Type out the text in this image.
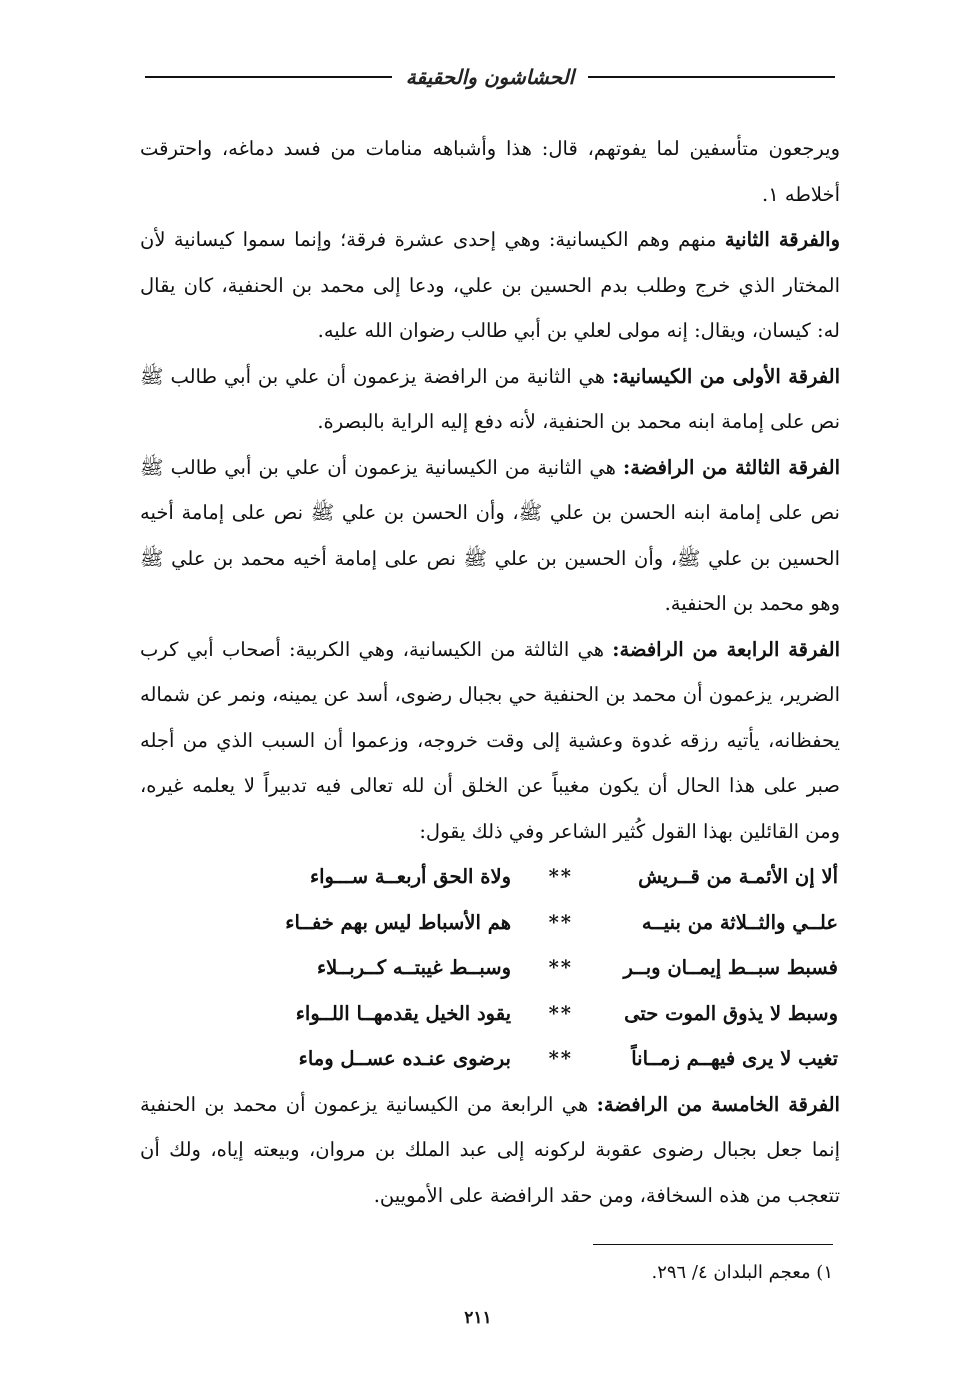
الحشاشون والحقيقة

ويرجعون متأسفين لما يفوتهم، قال: هذا وأشباهه منامات من فسد دماغه، واحترقت أخلاطه ١.

والفرقة الثانية منهم وهم الكيسانية: وهي إحدى عشرة فرقة؛ وإنما سموا كيسانية لأن المختار الذي خرج وطلب بدم الحسين بن علي، ودعا إلى محمد بن الحنفية، كان يقال له: كيسان، ويقال: إنه مولى لعلي بن أبي طالب رضوان الله عليه.

الفرقة الأولى من الكيسانية: هي الثانية من الرافضة يزعمون أن علي بن أبي طالب ﷺ نص على إمامة ابنه محمد بن الحنفية، لأنه دفع إليه الراية بالبصرة.

الفرقة الثالثة من الرافضة: هي الثانية من الكيسانية يزعمون أن علي بن أبي طالب ﷺ نص على إمامة ابنه الحسن بن علي ﷺ، وأن الحسن بن علي ﷺ نص على إمامة أخيه الحسين بن علي ﷺ، وأن الحسين بن علي ﷺ نص على إمامة أخيه محمد بن علي ﷺ وهو محمد بن الحنفية.

الفرقة الرابعة من الرافضة: هي الثالثة من الكيسانية، وهي الكربية: أصحاب أبي كرب الضرير، يزعمون أن محمد بن الحنفية حي بجبال رضوى، أسد عن يمينه، ونمر عن شماله يحفظانه، يأتيه رزقه غدوة وعشية إلى وقت خروجه، وزعموا أن السبب الذي من أجله صبر على هذا الحال أن يكون مغيباً عن الخلق أن لله تعالى فيه تدبيراً لا يعلمه غيره، ومن القائلين بهذا القول كُثير الشاعر وفي ذلك يقول:

ألا إن الأئمـة من قــريش
**
ولاة الحق أربعــة ســـواء
علــي والثــلاثة من بنيــه
**
هم الأسباط ليس بهم خفــاء
فسبط سبــط إيمــان وبــر
**
وسبــط غيبتــه كــربــلاء
وسبط لا يذوق الموت حتى
**
يقود الخيل يقدمهــا اللــواء
تغيب لا يرى فيهــم زمــاناً
**
برضوى عنـده عســل وماء

الفرقة الخامسة من الرافضة: هي الرابعة من الكيسانية يزعمون أن محمد بن الحنفية إنما جعل بجبال رضوى عقوبة لركونه إلى عبد الملك بن مروان، وبيعته إياه، ولك أن تتعجب من هذه السخافة، ومن حقد الرافضة على الأمويين.

١) معجم البلدان ٤/ ٢٩٦.
٢١١
